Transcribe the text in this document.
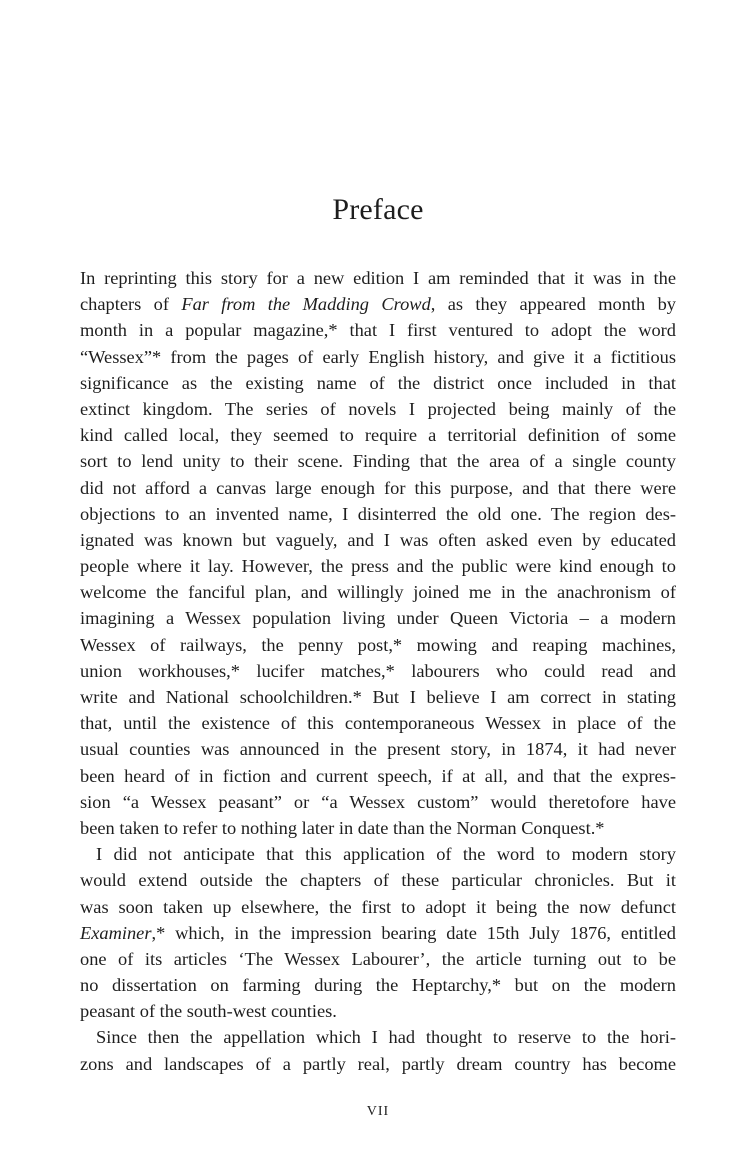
Preface
In reprinting this story for a new edition I am reminded that it was in the
chapters of Far from the Madding Crowd, as they appeared month by
month in a popular magazine,* that I first ventured to adopt the word
“Wessex”* from the pages of early English history, and give it a fictitious
significance as the existing name of the district once included in that
extinct kingdom. The series of novels I projected being mainly of the
kind called local, they seemed to require a territorial definition of some
sort to lend unity to their scene. Finding that the area of a single county
did not afford a canvas large enough for this purpose, and that there were
objections to an invented name, I disinterred the old one. The region des-
ignated was known but vaguely, and I was often asked even by educated
people where it lay. However, the press and the public were kind enough to
welcome the fanciful plan, and willingly joined me in the anachronism of
imagining a Wessex population living under Queen Victoria – a modern
Wessex of railways, the penny post,* mowing and reaping machines,
union workhouses,* lucifer matches,* labourers who could read and
write and National schoolchildren.* But I believe I am correct in stating
that, until the existence of this contemporaneous Wessex in place of the
usual counties was announced in the present story, in 1874, it had never
been heard of in fiction and current speech, if at all, and that the expres-
sion “a Wessex peasant” or “a Wessex custom” would theretofore have
been taken to refer to nothing later in date than the Norman Conquest.*
I did not anticipate that this application of the word to modern story
would extend outside the chapters of these particular chronicles. But it
was soon taken up elsewhere, the first to adopt it being the now defunct
Examiner,* which, in the impression bearing date 15th July 1876, entitled
one of its articles ‘The Wessex Labourer’, the article turning out to be
no dissertation on farming during the Heptarchy,* but on the modern
peasant of the south-west counties.
Since then the appellation which I had thought to reserve to the hori-
zons and landscapes of a partly real, partly dream country has become
VII
